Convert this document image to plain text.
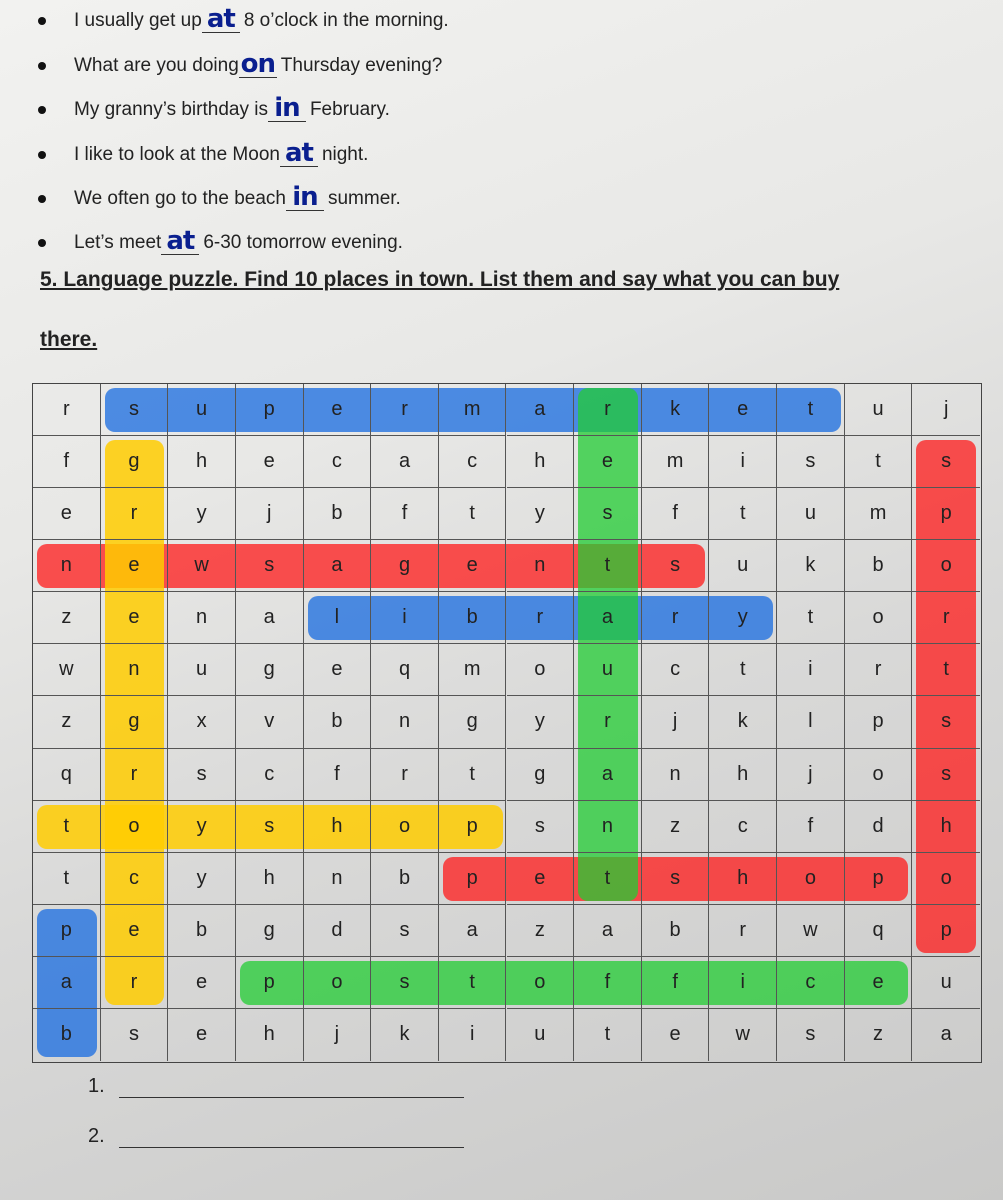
I usually get up at 8 o’clock in the morning.
What are you doing on Thursday evening?
My granny’s birthday is in February.
I like to look at the Moon at night.
We often go to the beach in summer.
Let’s meet at 6-30 tomorrow evening.
5. Language puzzle. Find 10 places in town. List them and say what you can buy
there.
r	s	u	p	e	r	m	a	r	k	e	t	u	j
f	g	h	e	c	a	c	h	e	m	i	s	t	s
e	r	y	j	b	f	t	y	s	f	t	u	m	p
n	e	w	s	a	g	e	n	t	s	u	k	b	o
z	e	n	a	l	i	b	r	a	r	y	t	o	r
w	n	u	g	e	q	m	o	u	c	t	i	r	t
z	g	x	v	b	n	g	y	r	j	k	l	p	s
q	r	s	c	f	r	t	g	a	n	h	j	o	s
t	o	y	s	h	o	p	s	n	z	c	f	d	h
t	c	y	h	n	b	p	e	t	s	h	o	p	o
p	e	b	g	d	s	a	z	a	b	r	w	q	p
a	r	e	p	o	s	t	o	f	f	i	c	e	u
b	s	e	h	j	k	i	u	t	e	w	s	z	a
1.
2.
